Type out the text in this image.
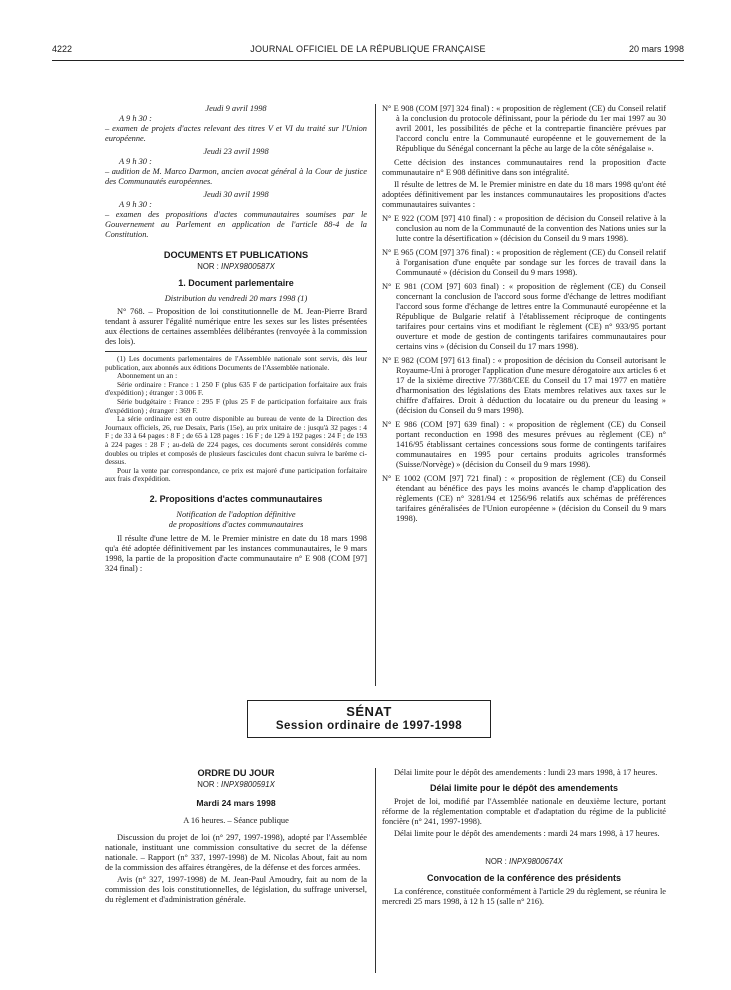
4222	JOURNAL OFFICIEL DE LA RÉPUBLIQUE FRANÇAISE	20 mars 1998
Jeudi 9 avril 1998
A 9 h 30 :
– examen de projets d'actes relevant des titres V et VI du traité sur l'Union européenne.
Jeudi 23 avril 1998
A 9 h 30 :
– audition de M. Marco Darmon, ancien avocat général à la Cour de justice des Communautés européennes.
Jeudi 30 avril 1998
A 9 h 30 :
– examen des propositions d'actes communautaires soumises par le Gouvernement au Parlement en application de l'article 88-4 de la Constitution.
DOCUMENTS ET PUBLICATIONS
NOR : INPX9800587X
1. Document parlementaire
Distribution du vendredi 20 mars 1998 (1)
N° 768. – Proposition de loi constitutionnelle de M. Jean-Pierre Brard tendant à assurer l'égalité numérique entre les sexes sur les listes présentées aux élections de certaines assemblées délibérantes (renvoyée à la commission des lois).
(1) Les documents parlementaires de l'Assemblée nationale sont servis, dès leur publication, aux abonnés aux éditions Documents de l'Assemblée nationale.
Abonnement un an :
Série ordinaire : France : 1 250 F (plus 635 F de participation forfaitaire aux frais d'expédition) ; étranger : 3 006 F.
Série budgétaire : France : 295 F (plus 25 F de participation forfaitaire aux frais d'expédition) ; étranger : 369 F.
La série ordinaire est en outre disponible au bureau de vente de la Direction des Journaux officiels, 26, rue Desaix, Paris (15e), au prix unitaire de : jusqu'à 32 pages : 4 F ; de 33 à 64 pages : 8 F ; de 65 à 128 pages : 16 F ; de 129 à 192 pages : 24 F ; de 193 à 224 pages : 28 F ; au-delà de 224 pages, ces documents seront considérés comme doubles ou triples et composés de plusieurs fascicules dont chacun suivra le barème ci-dessus.
Pour la vente par correspondance, ce prix est majoré d'une participation forfaitaire aux frais d'expédition.
2. Propositions d'actes communautaires
Notification de l'adoption définitive
de propositions d'actes communautaires
Il résulte d'une lettre de M. le Premier ministre en date du 18 mars 1998 qu'a été adoptée définitivement par les instances communautaires, le 9 mars 1998, la partie de la proposition d'acte communautaire n° E 908 (COM [97] 324 final) :
N° E 908 (COM [97] 324 final) : « proposition de règlement (CE) du Conseil relatif à la conclusion du protocole définissant, pour la période du 1er mai 1997 au 30 avril 2001, les possibilités de pêche et la contrepartie financière prévues par l'accord conclu entre la Communauté européenne et le gouvernement de la République du Sénégal concernant la pêche au large de la côte sénégalaise ».
Cette décision des instances communautaires rend la proposition d'acte communautaire n° E 908 définitive dans son intégralité.
Il résulte de lettres de M. le Premier ministre en date du 18 mars 1998 qu'ont été adoptées définitivement par les instances communautaires les propositions d'actes communautaires suivantes :
N° E 922 (COM [97] 410 final) : « proposition de décision du Conseil relative à la conclusion au nom de la Communauté de la convention des Nations unies sur la lutte contre la désertification » (décision du Conseil du 9 mars 1998).
N° E 965 (COM [97] 376 final) : « proposition de règlement (CE) du Conseil relatif à l'organisation d'une enquête par sondage sur les forces de travail dans la Communauté » (décision du Conseil du 9 mars 1998).
N° E 981 (COM [97] 603 final) : « proposition de règlement (CE) du Conseil concernant la conclusion de l'accord sous forme d'échange de lettres modifiant l'accord sous forme d'échange de lettres entre la Communauté européenne et la République de Bulgarie relatif à l'établissement réciproque de contingents tarifaires pour certains vins et modifiant le règlement (CE) n° 933/95 portant ouverture et mode de gestion de contingents tarifaires communautaires pour certains vins » (décision du Conseil du 17 mars 1998).
N° E 982 (COM [97] 613 final) : « proposition de décision du Conseil autorisant le Royaume-Uni à proroger l'application d'une mesure dérogatoire aux articles 6 et 17 de la sixième directive 77/388/CEE du Conseil du 17 mai 1977 en matière d'harmonisation des législations des Etats membres relatives aux taxes sur le chiffre d'affaires. Droit à déduction du locataire ou du preneur du leasing » (décision du Conseil du 9 mars 1998).
N° E 986 (COM [97] 639 final) : « proposition de règlement (CE) du Conseil portant reconduction en 1998 des mesures prévues au règlement (CE) n° 1416/95 établissant certaines concessions sous forme de contingents tarifaires communautaires en 1995 pour certains produits agricoles transformés (Suisse/Norvège) » (décision du Conseil du 9 mars 1998).
N° E 1002 (COM [97] 721 final) : « proposition de règlement (CE) du Conseil étendant au bénéfice des pays les moins avancés le champ d'application des règlements (CE) n° 3281/94 et 1256/96 relatifs aux schémas de préférences tarifaires généralisées de l'Union européenne » (décision du Conseil du 9 mars 1998).
SÉNAT
Session ordinaire de 1997-1998
ORDRE DU JOUR
NOR : INPX9800591X
Mardi 24 mars 1998
A 16 heures. – Séance publique
Discussion du projet de loi (n° 297, 1997-1998), adopté par l'Assemblée nationale, instituant une commission consultative du secret de la défense nationale. – Rapport (n° 337, 1997-1998) de M. Nicolas About, fait au nom de la commission des affaires étrangères, de la défense et des forces armées.
Avis (n° 327, 1997-1998) de M. Jean-Paul Amoudry, fait au nom de la commission des lois constitutionnelles, de législation, du suffrage universel, du règlement et d'administration générale.
Délai limite pour le dépôt des amendements : lundi 23 mars 1998, à 17 heures.
Délai limite pour le dépôt des amendements
Projet de loi, modifié par l'Assemblée nationale en deuxième lecture, portant réforme de la réglementation comptable et d'adaptation du régime de la publicité foncière (n° 241, 1997-1998).
Délai limite pour le dépôt des amendements : mardi 24 mars 1998, à 17 heures.
NOR : INPX9800674X
Convocation de la conférence des présidents
La conférence, constituée conformément à l'article 29 du règlement, se réunira le mercredi 25 mars 1998, à 12 h 15 (salle n° 216).
